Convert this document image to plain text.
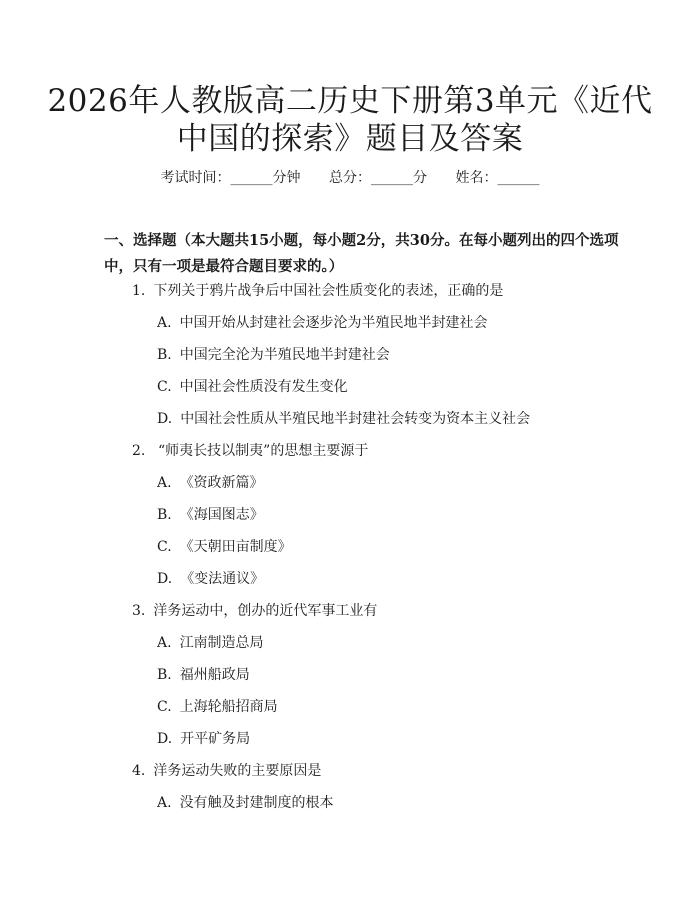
2026年人教版高二历史下册第3单元《近代
中国的探索》题目及答案
考试时间：______分钟 总分：______分 姓名：______
一、选择题（本大题共15小题，每小题2分，共30分。在每小题列出的四个选项中，只有一项是最符合题目要求的。）
1. 下列关于鸦片战争后中国社会性质变化的表述，正确的是
A. 中国开始从封建社会逐步沦为半殖民地半封建社会
B. 中国完全沦为半殖民地半封建社会
C. 中国社会性质没有发生变化
D. 中国社会性质从半殖民地半封建社会转变为资本主义社会
2. “师夷长技以制夷”的思想主要源于
A. 《资政新篇》
B. 《海国图志》
C. 《天朝田亩制度》
D. 《变法通议》
3. 洋务运动中，创办的近代军事工业有
A. 江南制造总局
B. 福州船政局
C. 上海轮船招商局
D. 开平矿务局
4. 洋务运动失败的主要原因是
A. 没有触及封建制度的根本
